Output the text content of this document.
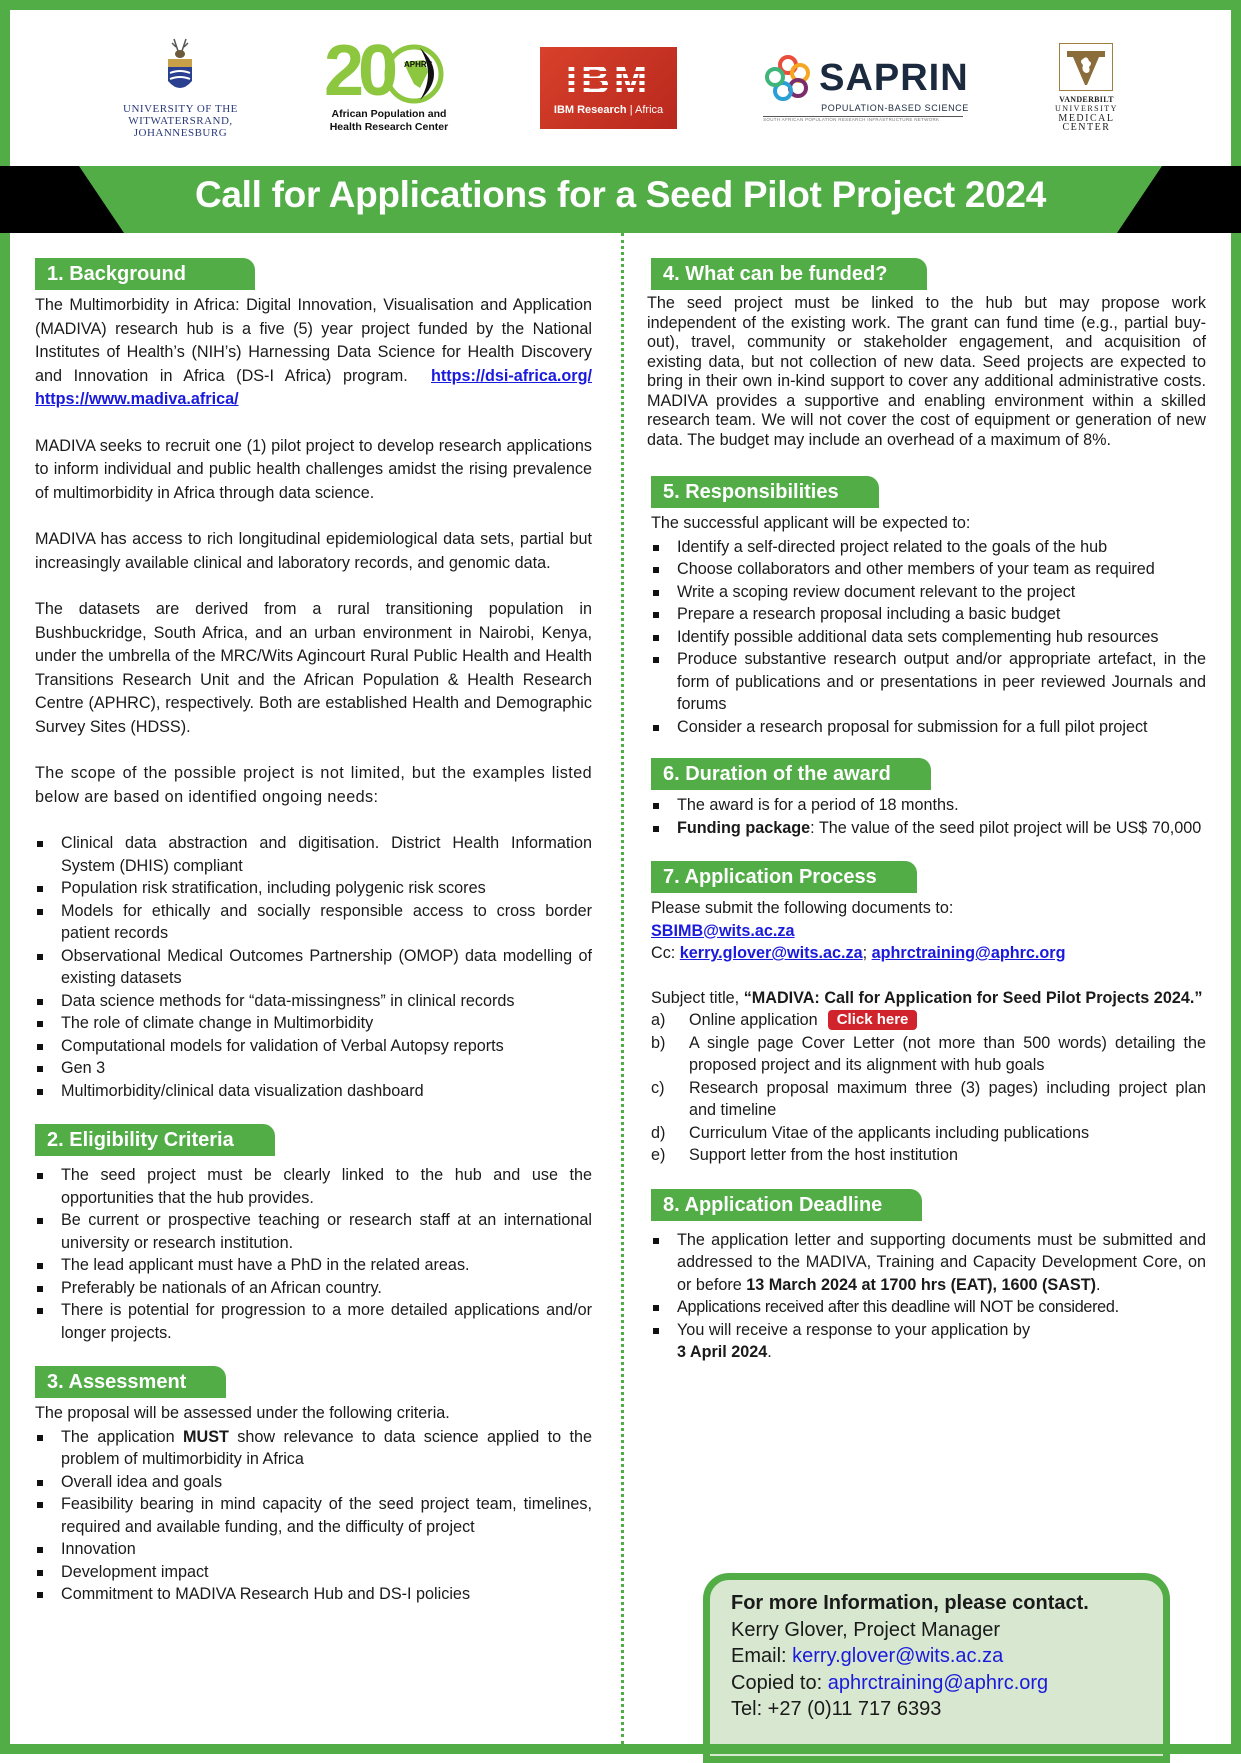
UNIVERSITY OF THE
WITWATERSRAND,
JOHANNESBURG
20 APHRC
African Population and
Health Research Center
IBM
IBM Research | Africa
SAPRIN
POPULATION-BASED SCIENCE
SOUTH AFRICAN POPULATION RESEARCH INFRASTRUCTURE NETWORK
VANDERBILT
UNIVERSITY
MEDICAL
CENTER
Call for Applications for a Seed Pilot Project 2024
1. Background
The Multimorbidity in Africa: Digital Innovation, Visualisation and Application (MADIVA) research hub is a five (5) year project funded by the National Institutes of Health’s (NIH’s) Harnessing Data Science for Health Discovery and Innovation in Africa (DS-I Africa) program. https://dsi-africa.org/ https://www.madiva.africa/
MADIVA seeks to recruit one (1) pilot project to develop research applications to inform individual and public health challenges amidst the rising prevalence of multimorbidity in Africa through data science.
MADIVA has access to rich longitudinal epidemiological data sets, partial but increasingly available clinical and laboratory records, and genomic data.
The datasets are derived from a rural transitioning population in Bushbuckridge, South Africa, and an urban environment in Nairobi, Kenya, under the umbrella of the MRC/Wits Agincourt Rural Public Health and Health Transitions Research Unit and the African Population & Health Research Centre (APHRC), respectively. Both are established Health and Demographic Survey Sites (HDSS).
The scope of the possible project is not limited, but the examples listed below are based on identified ongoing needs:
Clinical data abstraction and digitisation. District Health Information System (DHIS) compliant
Population risk stratification, including polygenic risk scores
Models for ethically and socially responsible access to cross border patient records
Observational Medical Outcomes Partnership (OMOP) data modelling of existing datasets
Data science methods for “data-missingness” in clinical records
The role of climate change in Multimorbidity
Computational models for validation of Verbal Autopsy reports
Gen 3
Multimorbidity/clinical data visualization dashboard
2. Eligibility Criteria
The seed project must be clearly linked to the hub and use the opportunities that the hub provides.
Be current or prospective teaching or research staff at an international university or research institution.
The lead applicant must have a PhD in the related areas.
Preferably be nationals of an African country.
There is potential for progression to a more detailed applications and/or longer projects.
3. Assessment
The proposal will be assessed under the following criteria.
The application MUST show relevance to data science applied to the problem of multimorbidity in Africa
Overall idea and goals
Feasibility bearing in mind capacity of the seed project team, timelines, required and available funding, and the difficulty of project
Innovation
Development impact
Commitment to MADIVA Research Hub and DS-I policies
4. What can be funded?
The seed project must be linked to the hub but may propose work independent of the existing work. The grant can fund time (e.g., partial buy-out), travel, community or stakeholder engagement, and acquisition of existing data, but not collection of new data. Seed projects are expected to bring in their own in-kind support to cover any additional administrative costs. MADIVA provides a supportive and enabling environment within a skilled research team. We will not cover the cost of equipment or generation of new data. The budget may include an overhead of a maximum of 8%.
5. Responsibilities
The successful applicant will be expected to:
Identify a self-directed project related to the goals of the hub
Choose collaborators and other members of your team as required
Write a scoping review document relevant to the project
Prepare a research proposal including a basic budget
Identify possible additional data sets complementing hub resources
Produce substantive research output and/or appropriate artefact, in the form of publications and or presentations in peer reviewed Journals and forums
Consider a research proposal for submission for a full pilot project
6. Duration of the award
The award is for a period of 18 months.
Funding package: The value of the seed pilot project will be US$ 70,000
7. Application Process
Please submit the following documents to:
SBIMB@wits.ac.za
Cc: kerry.glover@wits.ac.za; aphrctraining@aphrc.org
Subject title, “MADIVA: Call for Application for Seed Pilot Projects 2024.”
a) Online application Click here
b) A single page Cover Letter (not more than 500 words) detailing the proposed project and its alignment with hub goals
c) Research proposal maximum three (3) pages) including project plan and timeline
d) Curriculum Vitae of the applicants including publications
e) Support letter from the host institution
8. Application Deadline
The application letter and supporting documents must be submitted and addressed to the MADIVA, Training and Capacity Development Core, on or before 13 March 2024 at 1700 hrs (EAT), 1600 (SAST).
Applications received after this deadline will NOT be considered.
You will receive a response to your application by
3 April 2024.
For more Information, please contact.
Kerry Glover, Project Manager
Email: kerry.glover@wits.ac.za
Copied to: aphrctraining@aphrc.org
Tel: +27 (0)11 717 6393
